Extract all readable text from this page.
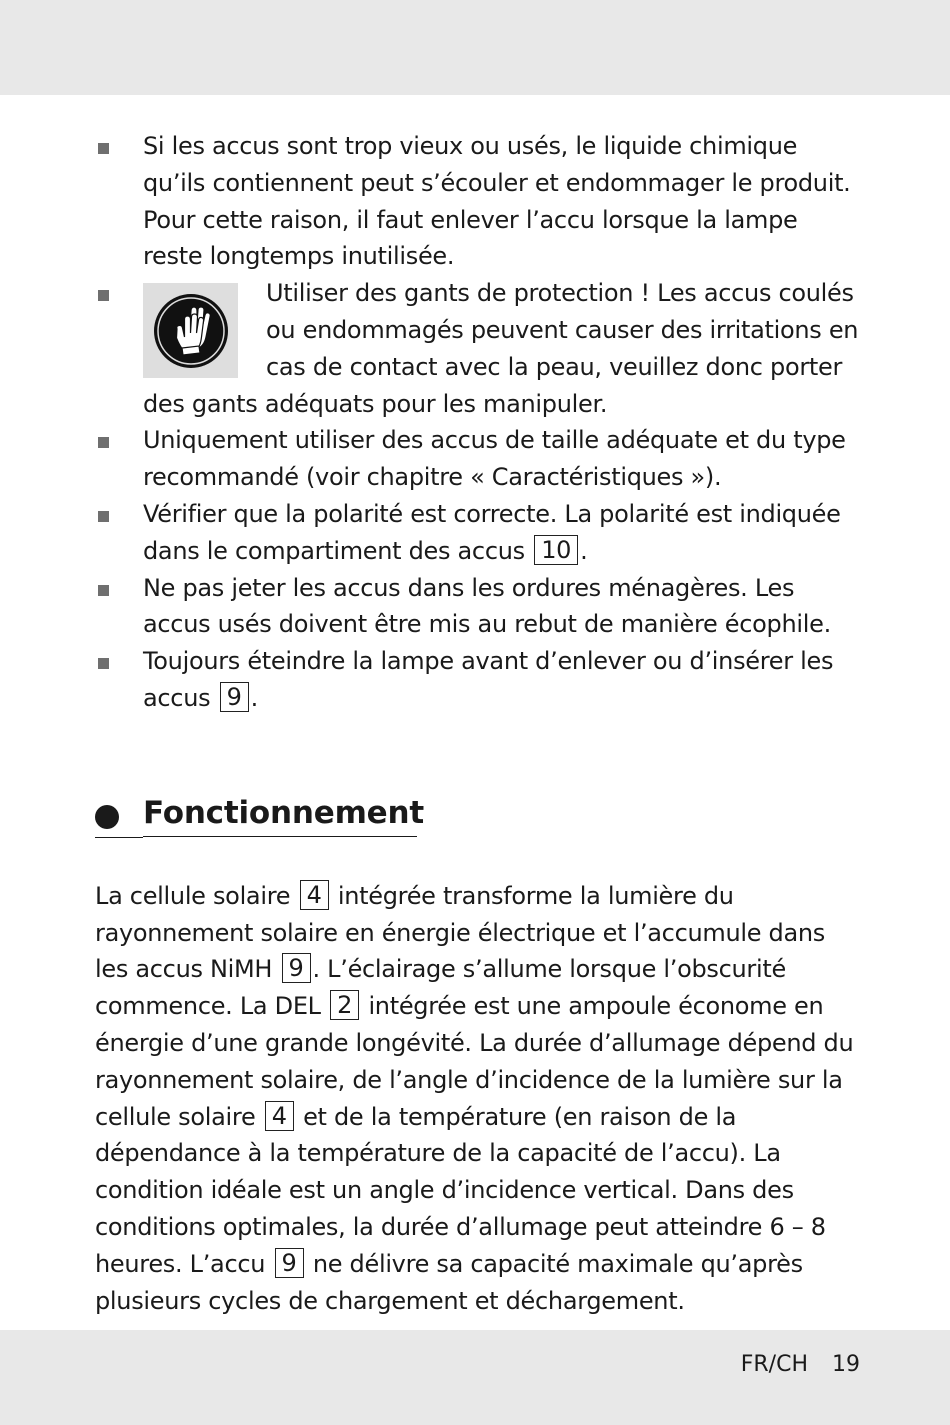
Si les accus sont trop vieux ou usés, le liquide chimique qu’ils contiennent peut s’écouler et endommager le produit. Pour cette raison, il faut enlever l’accu lorsque la lampe reste longtemps inutilisée.
Utiliser des gants de protection ! Les accus coulés ou endommagés peuvent causer des irritations en cas de contact avec la peau, veuillez donc porter
des gants adéquats pour les manipuler.
Uniquement utiliser des accus de taille adéquate et du type recommandé (voir chapitre « Caractéristiques »).
Vérifier que la polarité est correcte. La polarité est indiquée dans le compartiment des accus 10 .
Ne pas jeter les accus dans les ordures ménagères. Les accus usés doivent être mis au rebut de manière écophile.
Toujours éteindre la lampe avant d’enlever ou d’insérer les accus 9 .
Fonctionnement

La cellule solaire 4 intégrée transforme la lumière du rayonnement solaire en énergie électrique et l’accumule dans les accus NiMH 9 . L’éclairage s’allume lorsque l’obscurité commence. La DEL 2 intégrée est une ampoule économe en énergie d’une grande longévité. La durée d’allumage dépend du rayonnement solaire, de l’angle d’incidence de la lumière sur la cellule solaire 4 et de la température (en raison de la dépendance à la température de la capacité de l’accu). La condition idéale est un angle d’incidence vertical. Dans des conditions optimales, la durée d’allumage peut atteindre 6 – 8 heures. L’accu 9 ne délivre sa capacité maximale qu’après plusieurs cycles de chargement et déchargement.

FR/CH 19
